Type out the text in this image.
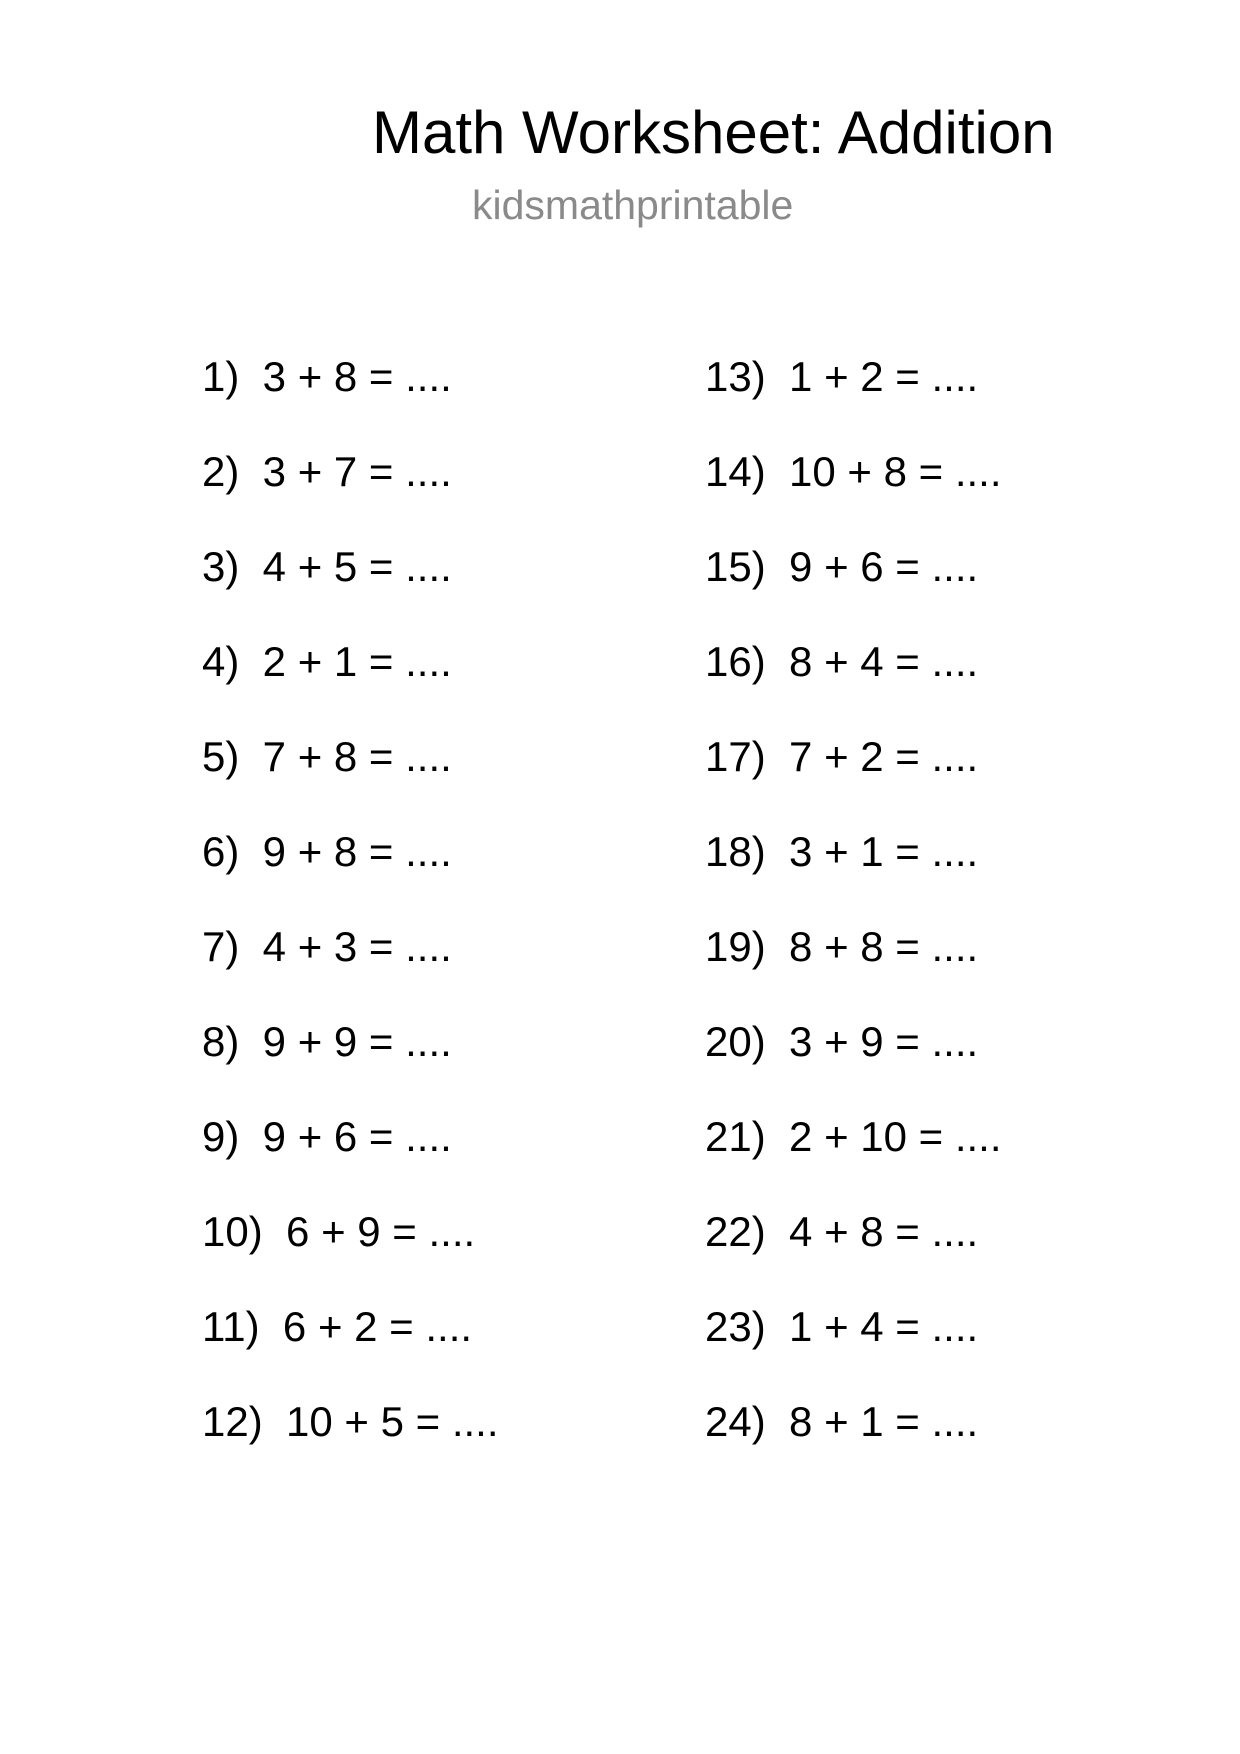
Math Worksheet: Addition
kidsmathprintable
1)  3 + 8 = ....
2)  3 + 7 = ....
3)  4 + 5 = ....
4)  2 + 1 = ....
5)  7 + 8 = ....
6)  9 + 8 = ....
7)  4 + 3 = ....
8)  9 + 9 = ....
9)  9 + 6 = ....
10)  6 + 9 = ....
11)  6 + 2 = ....
12)  10 + 5 = ....
13)  1 + 2 = ....
14)  10 + 8 = ....
15)  9 + 6 = ....
16)  8 + 4 = ....
17)  7 + 2 = ....
18)  3 + 1 = ....
19)  8 + 8 = ....
20)  3 + 9 = ....
21)  2 + 10 = ....
22)  4 + 8 = ....
23)  1 + 4 = ....
24)  8 + 1 = ....
